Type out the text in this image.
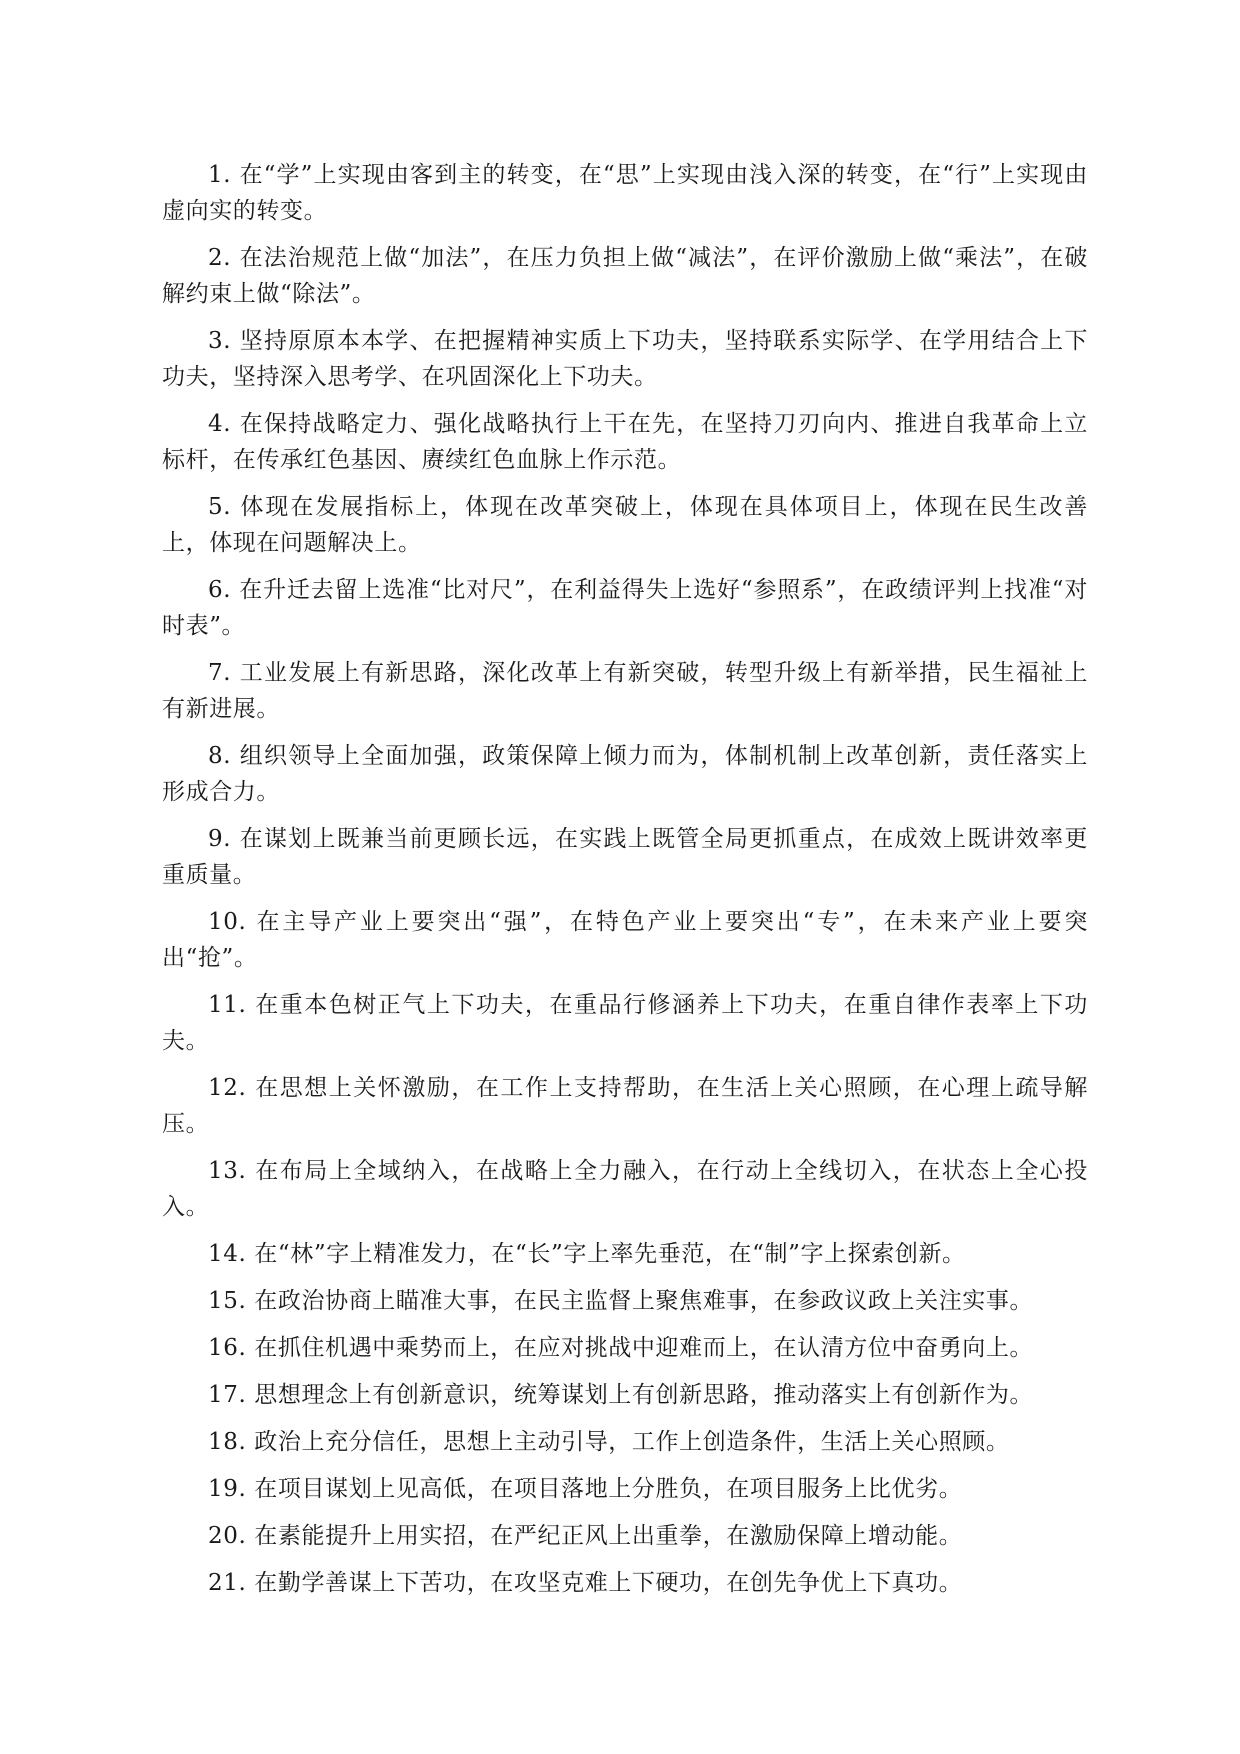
1. 在“学”上实现由客到主的转变，在“思”上实现由浅入深的转变，在“行”上实现由虚向实的转变。

2. 在法治规范上做“加法”，在压力负担上做“减法”，在评价激励上做“乘法”，在破解约束上做“除法”。

3. 坚持原原本本学、在把握精神实质上下功夫，坚持联系实际学、在学用结合上下功夫，坚持深入思考学、在巩固深化上下功夫。

4. 在保持战略定力、强化战略执行上干在先，在坚持刀刃向内、推进自我革命上立标杆，在传承红色基因、赓续红色血脉上作示范。

5. 体现在发展指标上，体现在改革突破上，体现在具体项目上，体现在民生改善上，体现在问题解决上。

6. 在升迁去留上选准“比对尺”，在利益得失上选好“参照系”，在政绩评判上找准“对时表”。

7. 工业发展上有新思路，深化改革上有新突破，转型升级上有新举措，民生福祉上有新进展。

8. 组织领导上全面加强，政策保障上倾力而为，体制机制上改革创新，责任落实上形成合力。

9. 在谋划上既兼当前更顾长远，在实践上既管全局更抓重点，在成效上既讲效率更重质量。

10. 在主导产业上要突出“强”，在特色产业上要突出“专”，在未来产业上要突出“抢”。

11. 在重本色树正气上下功夫，在重品行修涵养上下功夫，在重自律作表率上下功夫。

12. 在思想上关怀激励，在工作上支持帮助，在生活上关心照顾，在心理上疏导解压。

13. 在布局上全域纳入，在战略上全力融入，在行动上全线切入，在状态上全心投入。

14. 在“林”字上精准发力，在“长”字上率先垂范，在“制”字上探索创新。

15. 在政治协商上瞄准大事，在民主监督上聚焦难事，在参政议政上关注实事。

16. 在抓住机遇中乘势而上，在应对挑战中迎难而上，在认清方位中奋勇向上。

17. 思想理念上有创新意识，统筹谋划上有创新思路，推动落实上有创新作为。

18. 政治上充分信任，思想上主动引导，工作上创造条件，生活上关心照顾。

19. 在项目谋划上见高低，在项目落地上分胜负，在项目服务上比优劣。

20. 在素能提升上用实招，在严纪正风上出重拳，在激励保障上增动能。

21. 在勤学善谋上下苦功，在攻坚克难上下硬功，在创先争优上下真功。
